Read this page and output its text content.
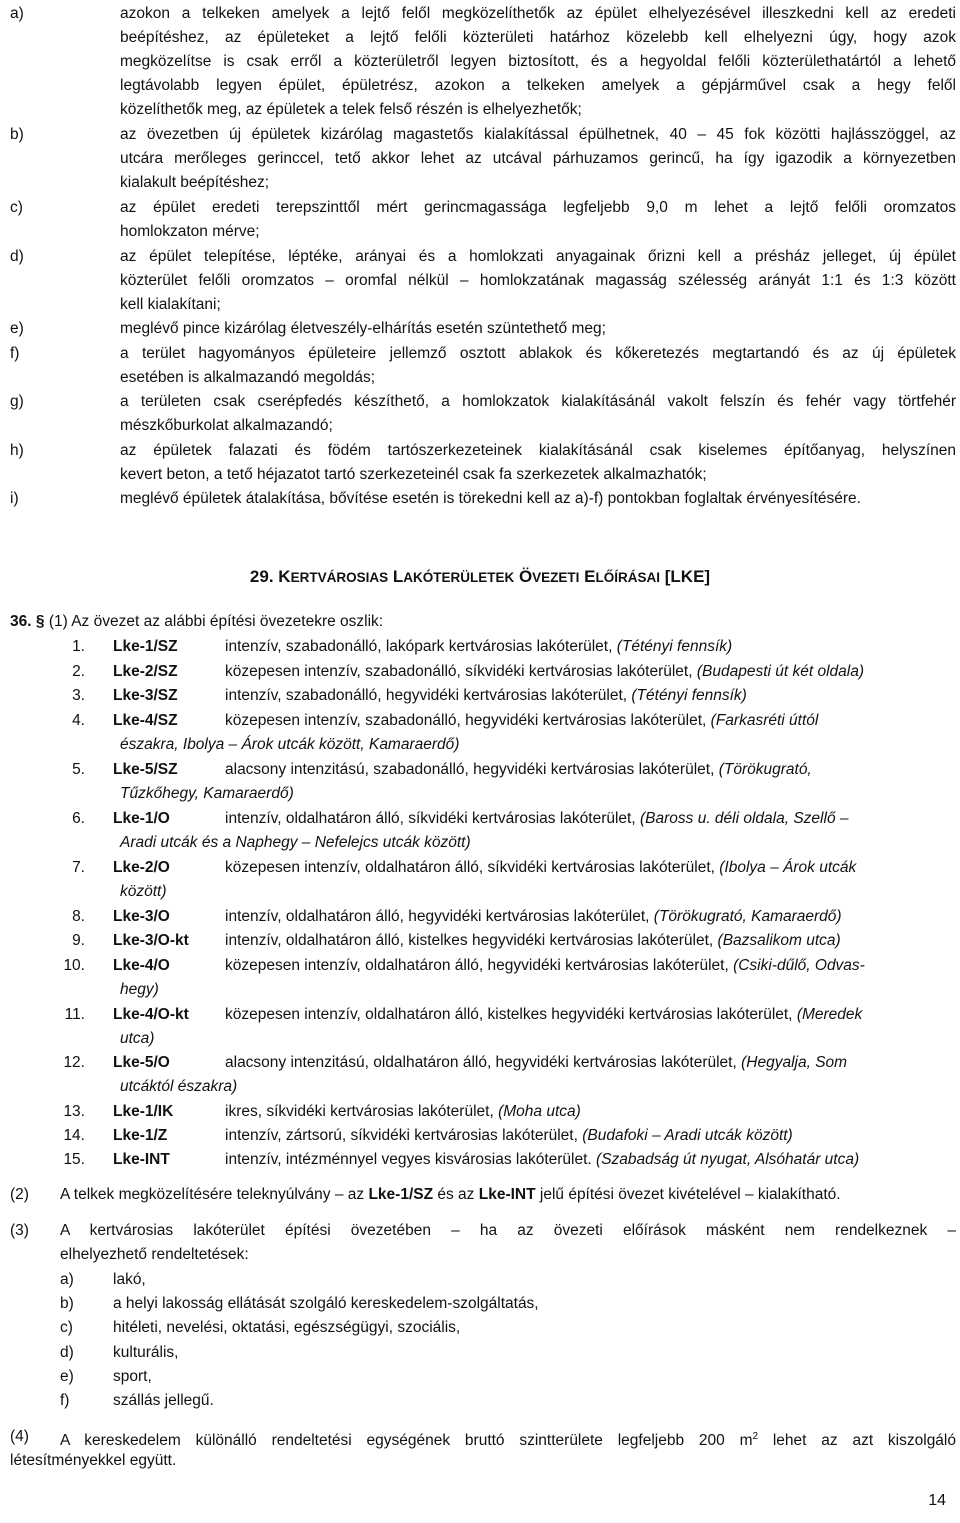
a)	azokon a telkeken amelyek a lejtő felől megközelíthetők az épület elhelyezésével illeszkedni kell az eredeti
beépítéshez, az épületeket a lejtő felőli közterületi határhoz közelebb kell elhelyezni úgy, hogy azok
megközelítse is csak erről a közterületről legyen biztosított, és a hegyoldal felőli közterülethatártól a lehető
legtávolabb legyen épület, épületrész, azokon a telkeken amelyek a gépjárművel csak a hegy felől
közelíthetők meg, az épületek a telek felső részén is elhelyezhetők;
b)	az övezetben új épületek kizárólag magastetős kialakítással épülhetnek, 40 – 45 fok közötti hajlásszöggel, az
utcára merőleges gerinccel, tető akkor lehet az utcával párhuzamos gerincű, ha így igazodik a környezetben
kialakult beépítéshez;
c)	az épület eredeti terepszinttől mért gerincmagassága legfeljebb 9,0 m lehet a lejtő felőli oromzatos
homlokzaton mérve;
d)	az épület telepítése, léptéke, arányai és a homlokzati anyagainak őrizni kell a présház jelleget, új épület
közterület felőli oromzatos – oromfal nélkül – homlokzatának magasság szélesség arányát 1:1 és 1:3 között
kell kialakítani;
e)	meglévő pince kizárólag életveszély-elhárítás esetén szüntethető meg;
f)	a terület hagyományos épületeire jellemző osztott ablakok és kőkeretezés megtartandó és az új épületek
esetében is alkalmazandó megoldás;
g)	a területen csak cserépfedés készíthető, a homlokzatok kialakításánál vakolt felszín és fehér vagy törtfehér
mészkőburkolat alkalmazandó;
h)	az épületek falazati és födém tartószerkezeteinek kialakításánál csak kiselemes építőanyag, helyszínen
kevert beton, a tető héjazatot tartó szerkezeteinél csak fa szerkezetek alkalmazhatók;
i)	meglévő épületek átalakítása, bővítése esetén is törekedni kell az a)-f) pontokban foglaltak érvényesítésére.
29. KERTVÁROSIAS LAKÓTERÜLETEK ÖVEZETI ELŐÍRÁSAI [LKE]
36. § (1) Az övezet az alábbi építési övezetekre oszlik:
1. Lke-1/SZ	intenzív, szabadonálló, lakópark kertvárosias lakóterület, (Tétényi fennsík)
2. Lke-2/SZ	közepesen intenzív, szabadonálló, síkvidéki kertvárosias lakóterület, (Budapesti út két oldala)
3. Lke-3/SZ	intenzív, szabadonálló, hegyvidéki kertvárosias lakóterület, (Tétényi fennsík)
4. Lke-4/SZ	közepesen intenzív, szabadonálló, hegyvidéki kertvárosias lakóterület, (Farkasréti úttól
északra, Ibolya – Árok utcák között, Kamaraerdő)
5. Lke-5/SZ	alacsony intenzitású, szabadonálló, hegyvidéki kertvárosias lakóterület, (Törökugrató,
Tűzkőhegy, Kamaraerdő)
6. Lke-1/O	intenzív, oldalhatáron álló, síkvidéki kertvárosias lakóterület, (Baross u. déli oldala, Szellő –
Aradi utcák és a Naphegy – Nefelejcs utcák között)
7. Lke-2/O	közepesen intenzív, oldalhatáron álló, síkvidéki kertvárosias lakóterület, (Ibolya – Árok utcák
között)
8. Lke-3/O	intenzív, oldalhatáron álló, hegyvidéki kertvárosias lakóterület, (Törökugrató, Kamaraerdő)
9. Lke-3/O-kt intenzív, oldalhatáron álló, kistelkes hegyvidéki kertvárosias lakóterület, (Bazsalikom utca)
10. Lke-4/O	közepesen intenzív, oldalhatáron álló, hegyvidéki kertvárosias lakóterület, (Csiki-dűlő, Odvas-
hegy)
11. Lke-4/O-kt közepesen intenzív, oldalhatáron álló, kistelkes hegyvidéki kertvárosias lakóterület, (Meredek
utca)
12. Lke-5/O	alacsony intenzitású, oldalhatáron álló, hegyvidéki kertvárosias lakóterület, (Hegyalja, Som
utcáktól északra)
13. Lke-1/IK	ikres, síkvidéki kertvárosias lakóterület, (Moha utca)
14. Lke-1/Z	intenzív, zártsorú, síkvidéki kertvárosias lakóterület, (Budafoki – Aradi utcák között)
15. Lke-INT	intenzív, intézménnyel vegyes kisvárosias lakóterület. (Szabadság út nyugat, Alsóhatár utca)
(2) A telkek megközelítésére teleknyúlvány – az Lke-1/SZ és az Lke-INT jelű építési övezet kivételével – kialakítható.
(3) A kertvárosias lakóterület építési övezetében – ha az övezeti előírások másként nem rendelkeznek –
elhelyezhető rendeltetések:
a)	lakó,
b)	a helyi lakosság ellátását szolgáló kereskedelem-szolgáltatás,
c)	hitéleti, nevelési, oktatási, egészségügyi, szociális,
d)	kulturális,
e)	sport,
f)	szállás jellegű.
(4) A kereskedelem különálló rendeltetési egységének bruttó szintterülete legfeljebb 200 $m^2$ lehet az azt kiszolgáló
létesítményekkel együtt.
14
